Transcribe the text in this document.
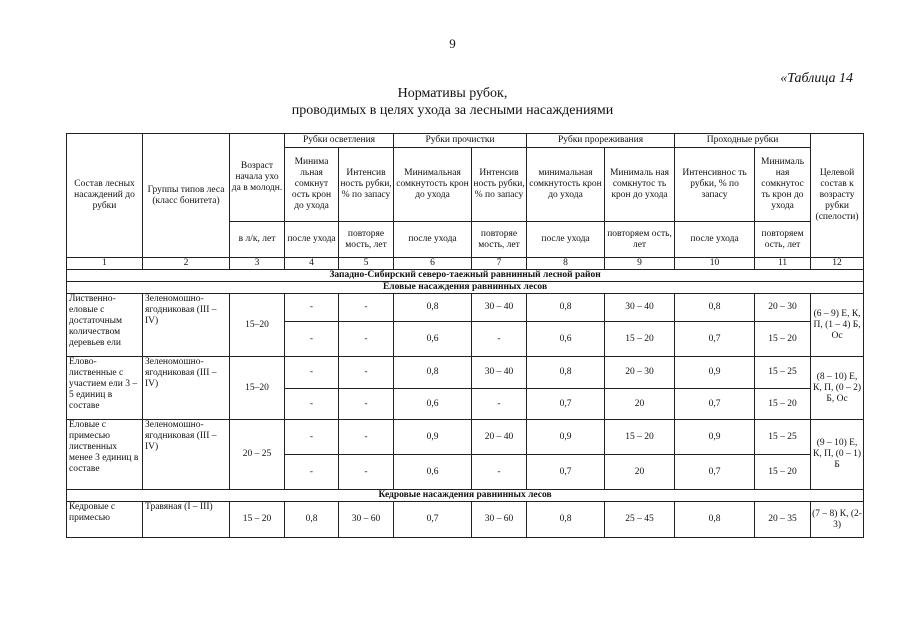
9
«Таблица 14
Нормативы рубок,
проводимых в целях ухода за лесными насаждениями
Состав лесных насаждений до рубки	Группы типов леса (класс бонитета)	Возраст начала ухо да в молодн.	Рубки осветления		Рубки прочистки		Рубки прореживания		Проходные рубки		Целевой состав к возрасту рубки (спелости)
			Минима льная сомкнут ость крон до ухода	Интенсив ность рубки, % по запасу	Минимальная сомкнутость крон до ухода	Интенсив ность рубки, % по запасу	минимальная сомкнутость крон до ухода	Минималь ная сомкнутос ть крон до ухода	Интенсивнос ть рубки, % по запасу	Минималь ная сомкнутос ть крон до ухода	
		в л/к, лет	после ухода	повторяе мость, лет	после ухода	повторяе мость, лет	после ухода	повторяем ость, лет	после ухода	повторяем ость, лет	
1	2	3	4	5	6	7	8	9	10	11	12
Западно-Сибирский северо-таежный равнинный лесной район											
Еловые насаждения равнинных лесов											
Лиственно-еловые с достаточным количеством деревьев ели	Зеленомошно-ягодниковая (III – IV)	15–20	-	-	0,8	30 – 40	0,8	30 – 40	0,8	20 – 30	(6 – 9) Е, К, П, (1 – 4) Б, Ос
			-	-	0,6	-	0,6	15 – 20	0,7	15 – 20	
Елово-лиственные с участием ели 3 – 5 единиц в составе	Зеленомошно-ягодниковая (III – IV)	15–20	-	-	0,8	30 – 40	0,8	20 – 30	0,9	15 – 25	(8 – 10) Е, К, П, (0 – 2) Б, Ос
			-	-	0,6	-	0,7	20	0,7	15 – 20	
Еловые с примесью лиственных менее 3 единиц в составе	Зеленомошно-ягодниковая (III – IV)	20 – 25	-	-	0,9	20 – 40	0,9	15 – 20	0,9	15 – 25	(9 – 10) Е, К, П, (0 – 1) Б
			-	-	0,6	-	0,7	20	0,7	15 – 20	
Кедровые насаждения равнинных лесов											
Кедровые с примесью	Травяная (I – III)	15 – 20	0,8	30 – 60	0,7	30 – 60	0,8	25 – 45	0,8	20 – 35	(7 – 8) К, (2-3)
